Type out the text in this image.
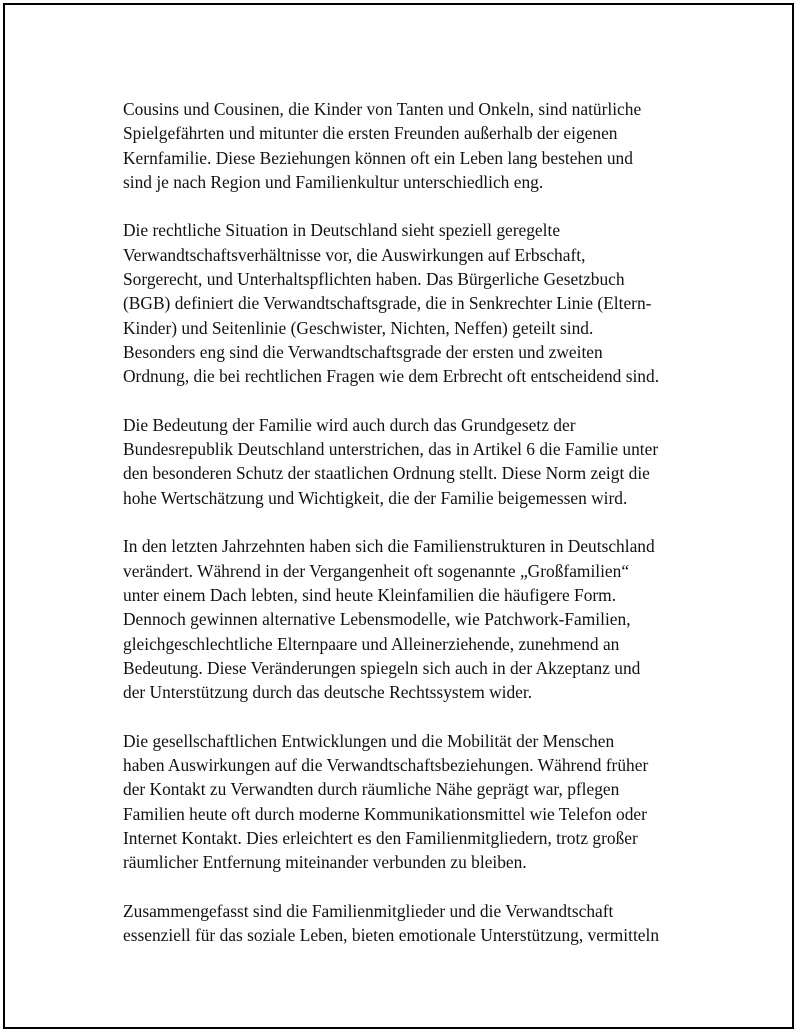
Cousins und Cousinen, die Kinder von Tanten und Onkeln, sind natürliche
Spielgefährten und mitunter die ersten Freunden außerhalb der eigenen
Kernfamilie. Diese Beziehungen können oft ein Leben lang bestehen und
sind je nach Region und Familienkultur unterschiedlich eng.

Die rechtliche Situation in Deutschland sieht speziell geregelte
Verwandtschaftsverhältnisse vor, die Auswirkungen auf Erbschaft,
Sorgerecht, und Unterhaltspflichten haben. Das Bürgerliche Gesetzbuch
(BGB) definiert die Verwandtschaftsgrade, die in Senkrechter Linie (Eltern-
Kinder) und Seitenlinie (Geschwister, Nichten, Neffen) geteilt sind.
Besonders eng sind die Verwandtschaftsgrade der ersten und zweiten
Ordnung, die bei rechtlichen Fragen wie dem Erbrecht oft entscheidend sind.

Die Bedeutung der Familie wird auch durch das Grundgesetz der
Bundesrepublik Deutschland unterstrichen, das in Artikel 6 die Familie unter
den besonderen Schutz der staatlichen Ordnung stellt. Diese Norm zeigt die
hohe Wertschätzung und Wichtigkeit, die der Familie beigemessen wird.

In den letzten Jahrzehnten haben sich die Familienstrukturen in Deutschland
verändert. Während in der Vergangenheit oft sogenannte „Großfamilien“
unter einem Dach lebten, sind heute Kleinfamilien die häufigere Form.
Dennoch gewinnen alternative Lebensmodelle, wie Patchwork-Familien,
gleichgeschlechtliche Elternpaare und Alleinerziehende, zunehmend an
Bedeutung. Diese Veränderungen spiegeln sich auch in der Akzeptanz und
der Unterstützung durch das deutsche Rechtssystem wider.

Die gesellschaftlichen Entwicklungen und die Mobilität der Menschen
haben Auswirkungen auf die Verwandtschaftsbeziehungen. Während früher
der Kontakt zu Verwandten durch räumliche Nähe geprägt war, pflegen
Familien heute oft durch moderne Kommunikationsmittel wie Telefon oder
Internet Kontakt. Dies erleichtert es den Familienmitgliedern, trotz großer
räumlicher Entfernung miteinander verbunden zu bleiben.

Zusammengefasst sind die Familienmitglieder und die Verwandtschaft
essenziell für das soziale Leben, bieten emotionale Unterstützung, vermitteln
